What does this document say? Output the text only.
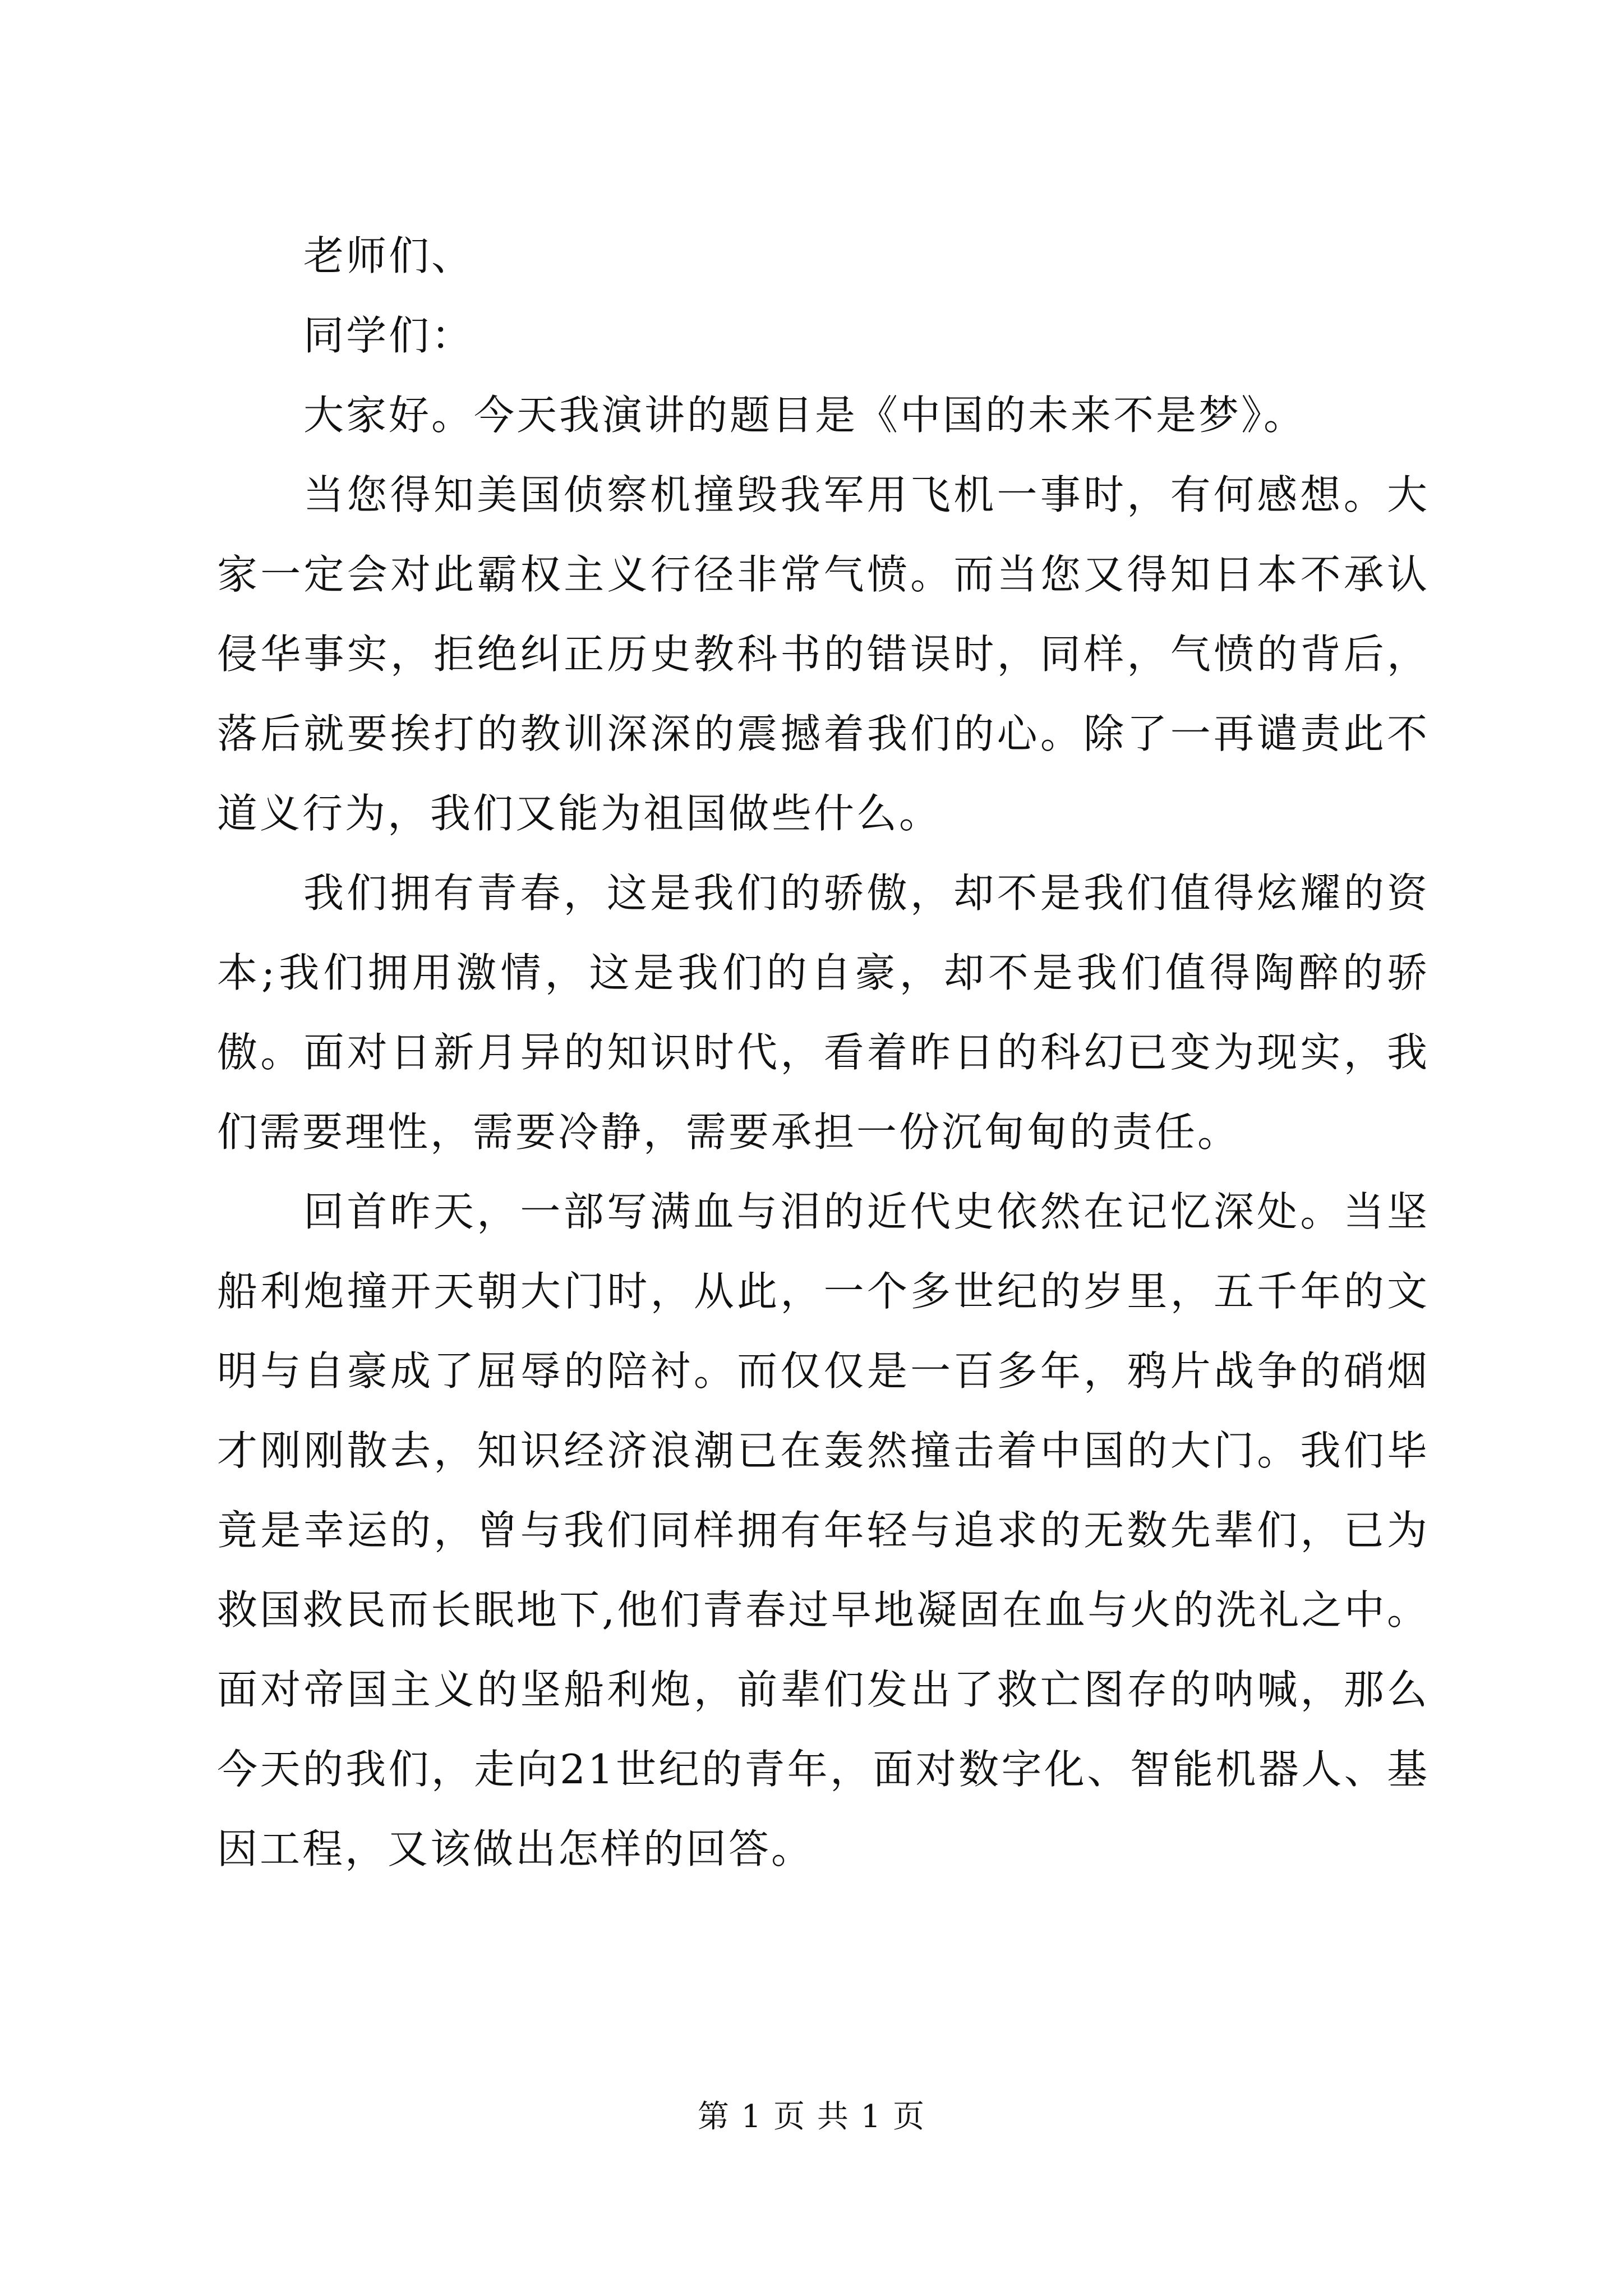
老师们、

同学们：

大家好。今天我演讲的题目是《中国的未来不是梦》。

当您得知美国侦察机撞毁我军用飞机一事时，有何感想。大家一定会对此霸权主义行径非常气愤。而当您又得知日本不承认侵华事实，拒绝纠正历史教科书的错误时，同样，气愤的背后，落后就要挨打的教训深深的震撼着我们的心。除了一再谴责此不道义行为，我们又能为祖国做些什么。

我们拥有青春，这是我们的骄傲，却不是我们值得炫耀的资本;我们拥用激情，这是我们的自豪，却不是我们值得陶醉的骄傲。面对日新月异的知识时代，看着昨日的科幻已变为现实，我们需要理性，需要冷静，需要承担一份沉甸甸的责任。

回首昨天，一部写满血与泪的近代史依然在记忆深处。当坚船利炮撞开天朝大门时，从此，一个多世纪的岁里，五千年的文明与自豪成了屈辱的陪衬。而仅仅是一百多年，鸦片战争的硝烟才刚刚散去，知识经济浪潮已在轰然撞击着中国的大门。我们毕竟是幸运的，曾与我们同样拥有年轻与追求的无数先辈们，已为救国救民而长眠地下,他们青春过早地凝固在血与火的洗礼之中。面对帝国主义的坚船利炮，前辈们发出了救亡图存的呐喊，那么今天的我们，走向21世纪的青年，面对数字化、智能机器人、基因工程，又该做出怎样的回答。

第 1 页 共 1 页
